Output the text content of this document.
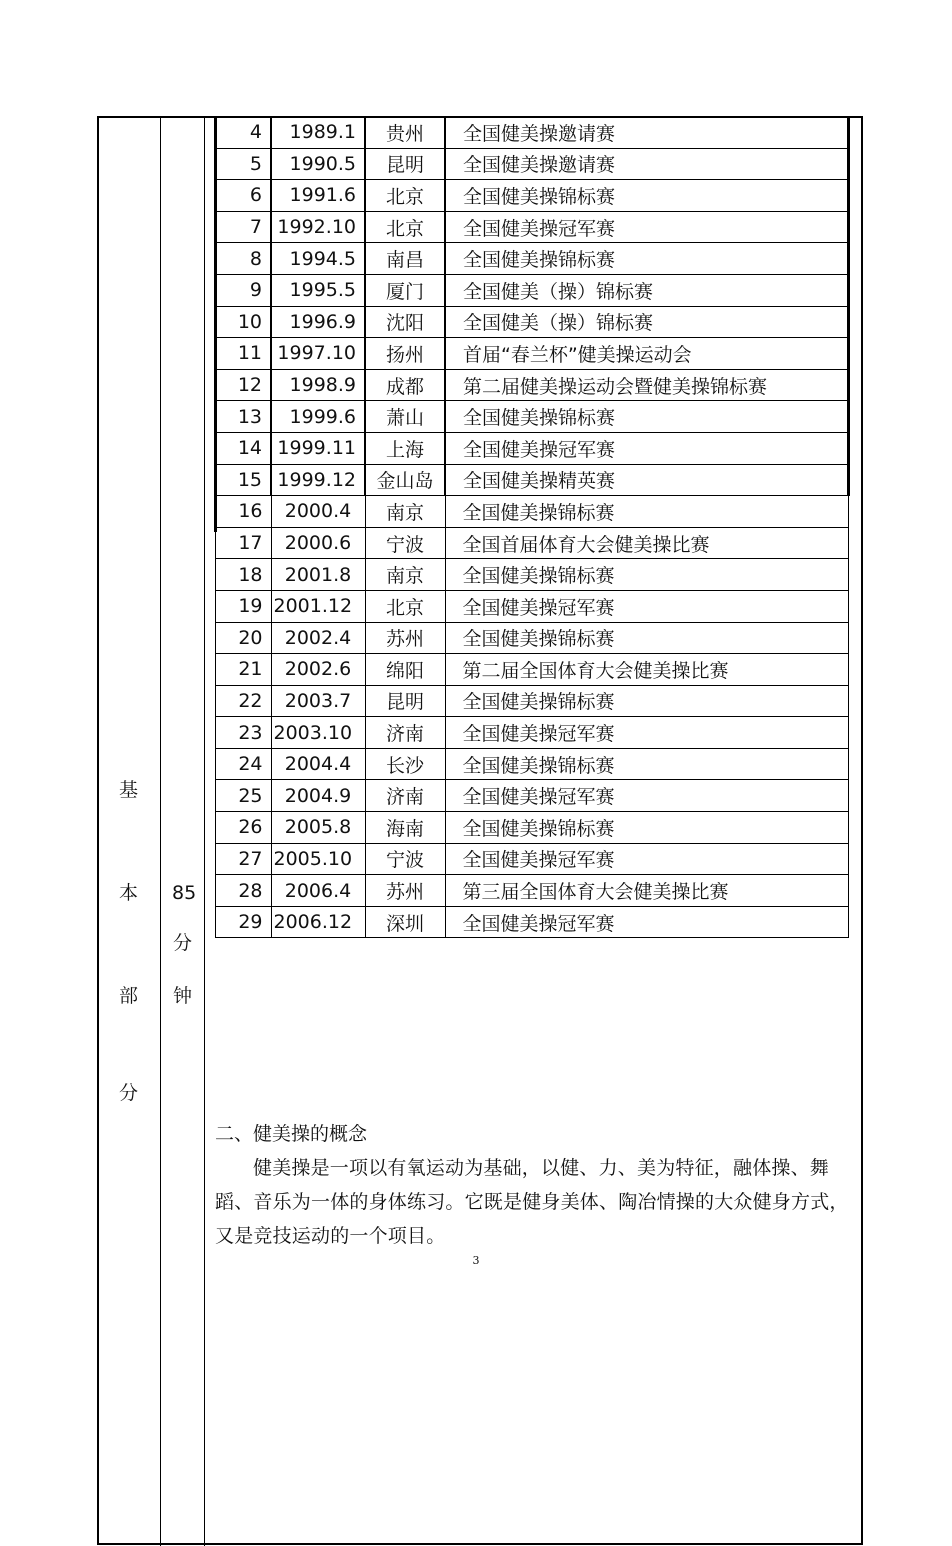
基
本
部
分
85
分
钟
4	1989.1	贵州	全国健美操邀请赛
5	1990.5	昆明	全国健美操邀请赛
6	1991.6	北京	全国健美操锦标赛
7	1992.10	北京	全国健美操冠军赛
8	1994.5	南昌	全国健美操锦标赛
9	1995.5	厦门	全国健美（操）锦标赛
10	1996.9	沈阳	全国健美（操）锦标赛
11	1997.10	扬州	首届“春兰杯”健美操运动会
12	1998.9	成都	第二届健美操运动会暨健美操锦标赛
13	1999.6	萧山	全国健美操锦标赛
14	1999.11	上海	全国健美操冠军赛
15	1999.12	金山岛	全国健美操精英赛
16	2000.4	南京	全国健美操锦标赛
17	2000.6	宁波	全国首届体育大会健美操比赛
18	2001.8	南京	全国健美操锦标赛
19	2001.12	北京	全国健美操冠军赛
20	2002.4	苏州	全国健美操锦标赛
21	2002.6	绵阳	第二届全国体育大会健美操比赛
22	2003.7	昆明	全国健美操锦标赛
23	2003.10	济南	全国健美操冠军赛
24	2004.4	长沙	全国健美操锦标赛
25	2004.9	济南	全国健美操冠军赛
26	2005.8	海南	全国健美操锦标赛
27	2005.10	宁波	全国健美操冠军赛
28	2006.4	苏州	第三届全国体育大会健美操比赛
29	2006.12	深圳	全国健美操冠军赛

二、健美操的概念

健美操是一项以有氧运动为基础，以健、力、美为特征，融体操、舞蹈、音乐为一体的身体练习。它既是健身美体、陶冶情操的大众健身方式，又是竞技运动的一个项目。

3
